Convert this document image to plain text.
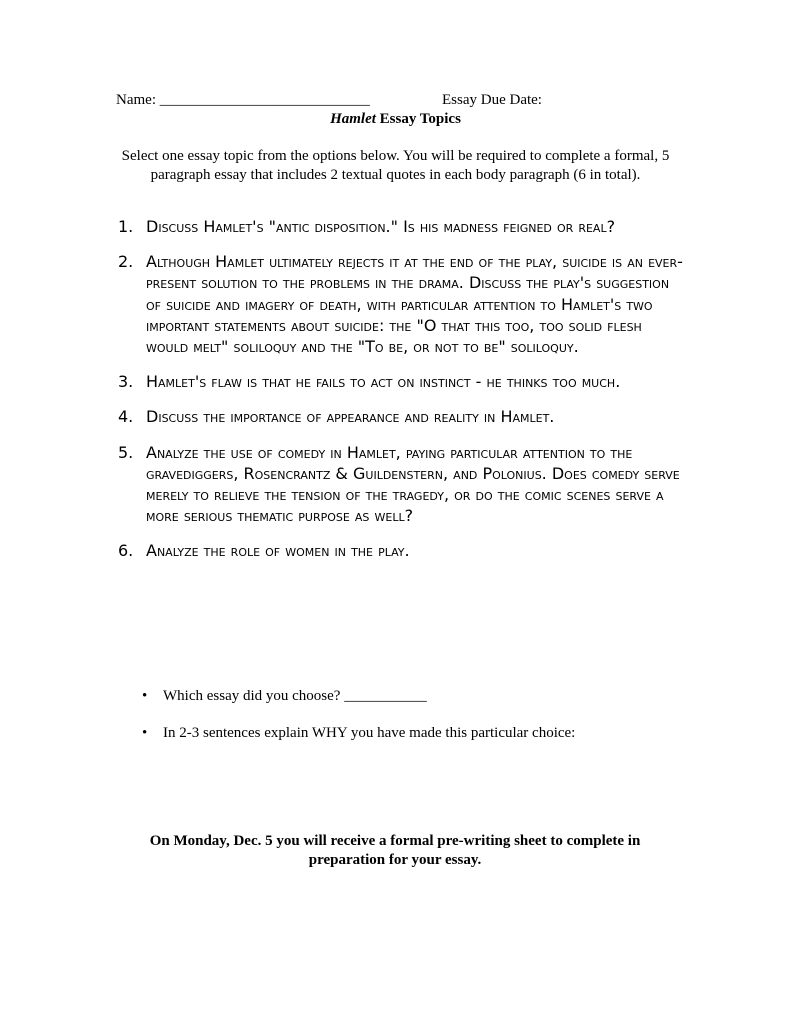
Name: ____________________________	Essay Due Date:
Hamlet Essay Topics
Select one essay topic from the options below. You will be required to complete a formal, 5 paragraph essay that includes 2 textual quotes in each body paragraph (6 in total).
1. Discuss Hamlet's "antic disposition." Is his madness feigned or real?
2. Although Hamlet ultimately rejects it at the end of the play, suicide is an ever-present solution to the problems in the drama. Discuss the play's suggestion of suicide and imagery of death, with particular attention to Hamlet's two important statements about suicide: the "O that this too, too solid flesh would melt" soliloquy and the "To be, or not to be" soliloquy.
3. Hamlet's flaw is that he fails to act on instinct - he thinks too much.
4. Discuss the importance of appearance and reality in Hamlet.
5. Analyze the use of comedy in Hamlet, paying particular attention to the gravediggers, Rosencrantz & Guildenstern, and Polonius. Does comedy serve merely to relieve the tension of the tragedy, or do the comic scenes serve a more serious thematic purpose as well?
6. Analyze the role of women in the play.
• Which essay did you choose? ___________
• In 2-3 sentences explain WHY you have made this particular choice:
On Monday, Dec. 5 you will receive a formal pre-writing sheet to complete in preparation for your essay.
